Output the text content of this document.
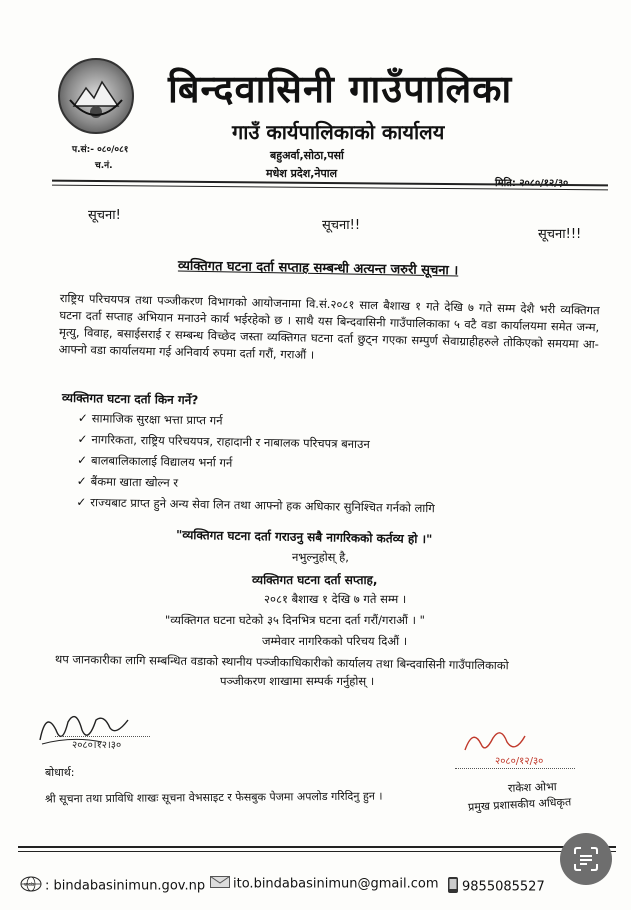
बिन्दवासिनी गाउँपालिका
गाउँ कार्यपालिकाको कार्यालय
बहुअर्वा,सोठा,पर्सा
मधेश प्रदेश,नेपाल
प.सं:- ०८०/०८१
च.नं.
सूचना!
सूचना!!
सूचना!!!
व्यक्तिगत घटना दर्ता सप्ताह सम्बन्धी अत्यन्त जरुरी सूचना ।
राष्ट्रिय परिचयपत्र तथा पञ्जीकरण विभागको आयोजनामा वि.सं.२०८१ साल बैशाख १ गते देखि ७ गते सम्म देशै भरी व्यक्तिगत घटना दर्ता सप्ताह अभियान मनाउने कार्य भईरहेको छ । साथै यस बिन्दवासिनी गाउँपालिकाका ५ वटै वडा कार्यालयमा समेत जन्म, मृत्यु, विवाह, बसाईसराई र सम्बन्ध विच्छेद जस्ता व्यक्तिगत घटना दर्ता छुट्न गएका सम्पुर्ण सेवाग्राहीहरुले तोकिएको समयमा आ-आफ्नो वडा कार्यालयमा गई अनिवार्य रुपमा दर्ता गरौं, गराऔं ।
व्यक्तिगत घटना दर्ता किन गर्ने?
✓ सामाजिक सुरक्षा भत्ता प्राप्त गर्न
✓ नागरिकता, राष्ट्रिय परिचयपत्र, राहादानी र नाबालक परिचपत्र बनाउन
✓ बालबालिकालाई विद्यालय भर्ना गर्न
✓ बैंकमा खाता खोल्न र
✓ राज्यबाट प्राप्त हुने अन्य सेवा लिन तथा आफ्नो हक अधिकार सुनिश्चित गर्नको लागि
"व्यक्तिगत घटना दर्ता गराउनु सबै नागरिकको कर्तव्य हो ।"
नभुल्नुहोस् है,
व्यक्तिगत घटना दर्ता सप्ताह,
२०८१ बैशाख १ देखि ७ गते सम्म ।
"व्यक्तिगत घटना घटेको ३५ दिनभित्र घटना दर्ता गरौं/गराऔं । "
जम्मेवार नागरिकको परिचय दिऔं ।
थप जानकारीका लागि सम्बन्धित वडाको स्थानीय पञ्जीकाधिकारीको कार्यालय तथा बिन्दवासिनी गाउँपालिकाको
पञ्जीकरण शाखामा सम्पर्क गर्नुहोस् ।
२०८०।१२।३०
२०८०/१२/३०
राकेश ओभा
प्रमुख प्रशासकीय अधिकृत
बोधार्थ:
श्री सूचना तथा प्राविधि शाखः सूचना वेभसाइट र फेसबुक पेजमा अपलोड गरिदिनु हुन ।
web : bindabasinimun.gov.np	ito.bindabasinimun@gmail.com	9855085527
